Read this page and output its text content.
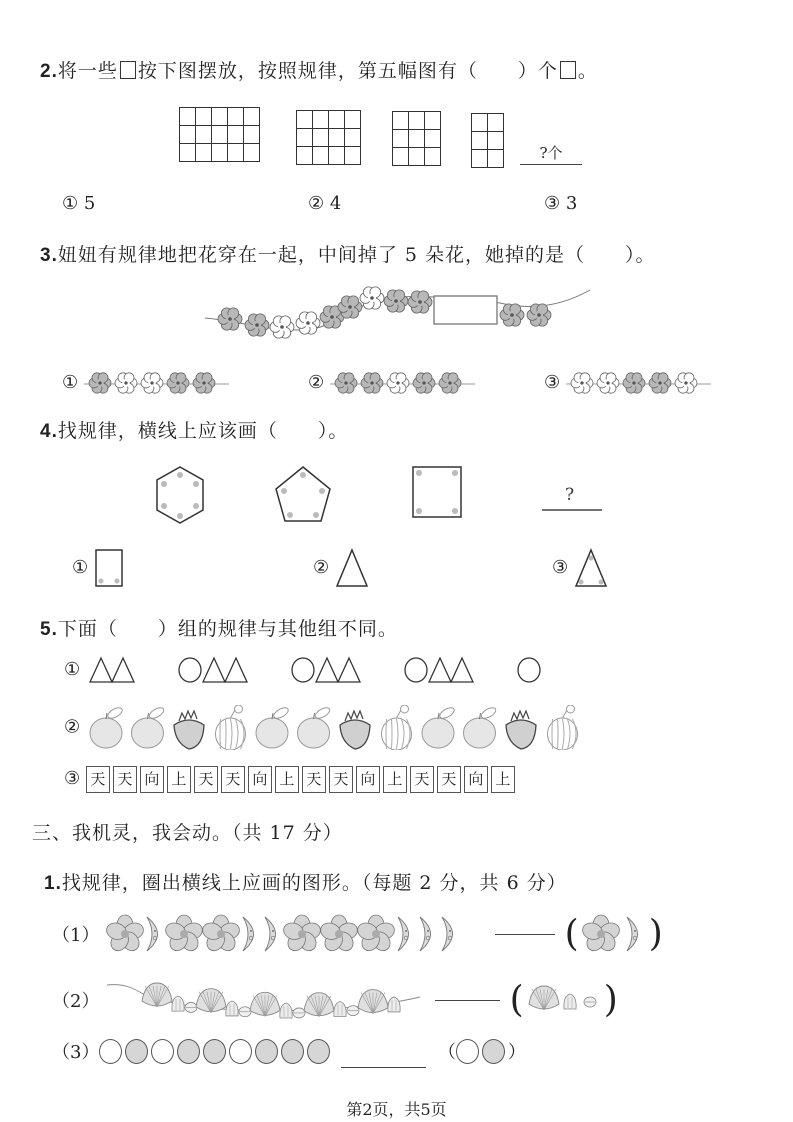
2.将一些 按下图摆放，按照规律，第五幅图有（　　）个 。

?个
① 5	② 4	③ 3
3.妞妞有规律地把花穿在一起，中间掉了 5 朵花，她掉的是（　　）。
①	②	③
4.找规律，横线上应该画（　　）。
?
①	②	③
5.下面（　　）组的规律与其他组不同。
①
②
③ 天 天 向 上 天 天 向 上 天 天 向 上 天 天 向 上
三、我机灵，我会动。（共 17 分）
1.找规律，圈出横线上应画的图形。（每题 2 分，共 6 分）
（1）	( )
（2）	( )
（3）	（	）
第2页，共5页
